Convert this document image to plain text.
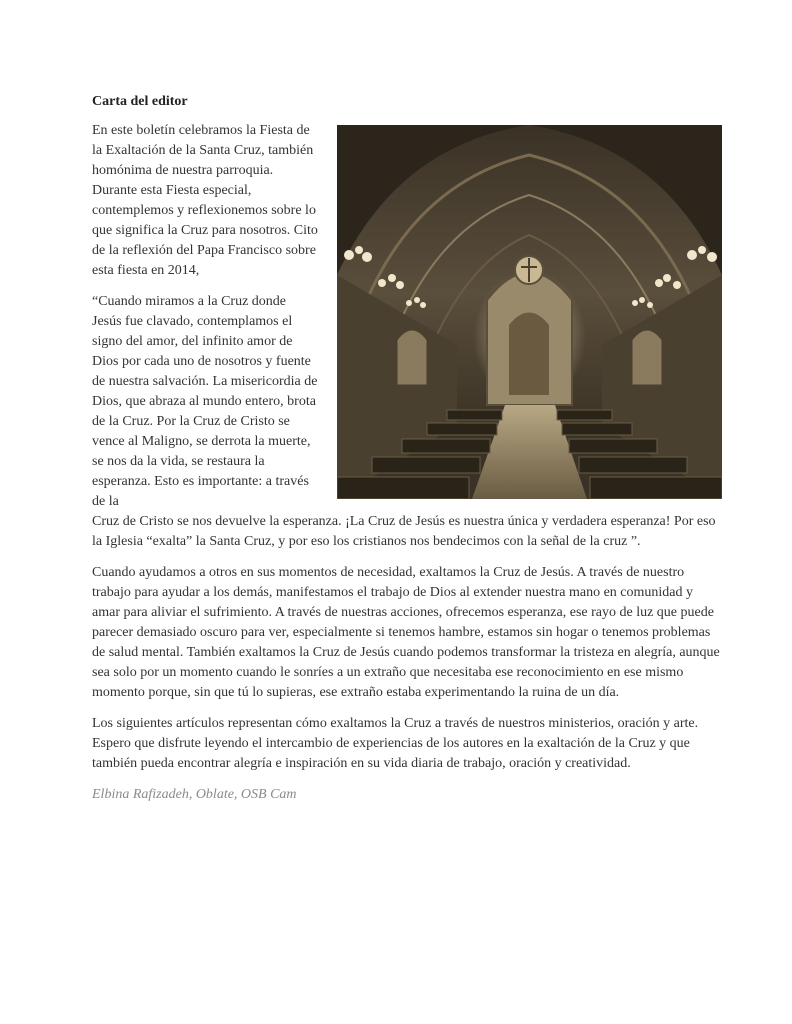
Carta del editor

En este boletín celebramos la Fiesta de la Exaltación de la Santa Cruz, también homónima de nuestra parroquia. Durante esta Fiesta especial, contemplemos y reflexionemos sobre lo que significa la Cruz para nosotros. Cito de la reflexión del Papa Francisco sobre esta fiesta en 2014,

“Cuando miramos a la Cruz donde Jesús fue clavado, contemplamos el signo del amor, del infinito amor de Dios por cada uno de nosotros y fuente de nuestra salvación. La misericordia de Dios, que abraza al mundo entero, brota de la Cruz. Por la Cruz de Cristo se vence al Maligno, se derrota la muerte, se nos da la vida, se restaura la esperanza. Esto es importante: a través de la

Cruz de Cristo se nos devuelve la esperanza. ¡La Cruz de Jesús es nuestra única y verdadera esperanza! Por eso la Iglesia “exalta” la Santa Cruz, y por eso los cristianos nos bendecimos con la señal de la cruz ”.

Cuando ayudamos a otros en sus momentos de necesidad, exaltamos la Cruz de Jesús. A través de nuestro trabajo para ayudar a los demás, manifestamos el trabajo de Dios al extender nuestra mano en comunidad y amar para aliviar el sufrimiento. A través de nuestras acciones, ofrecemos esperanza, ese rayo de luz que puede parecer demasiado oscuro para ver, especialmente si tenemos hambre, estamos sin hogar o tenemos problemas de salud mental. También exaltamos la Cruz de Jesús cuando podemos transformar la tristeza en alegría, aunque sea solo por un momento cuando le sonríes a un extraño que necesitaba ese reconocimiento en ese mismo momento porque, sin que tú lo supieras, ese extraño estaba experimentando la ruina de un día.

Los siguientes artículos representan cómo exaltamos la Cruz a través de nuestros ministerios, oración y arte. Espero que disfrute leyendo el intercambio de experiencias de los autores en la exaltación de la Cruz y que también pueda encontrar alegría e inspiración en su vida diaria de trabajo, oración y creatividad.

Elbina Rafizadeh, Oblate, OSB Cam
